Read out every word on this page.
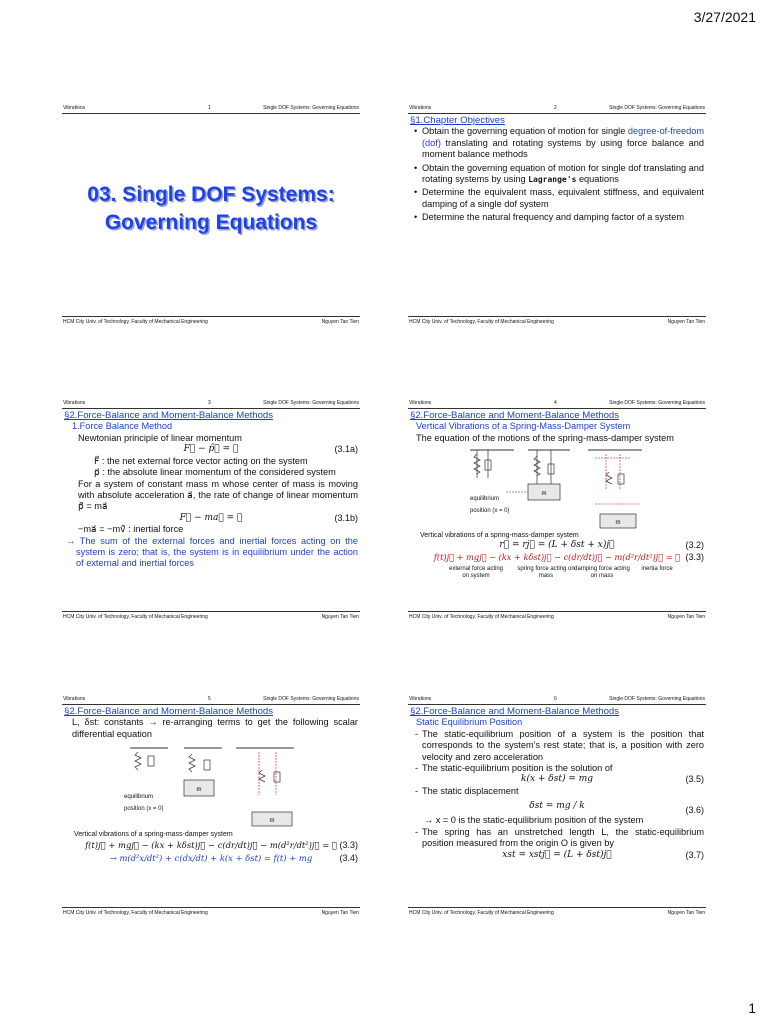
3/27/2021
Vibrations	1	Single DOF Systems: Governing Equations
03. Single DOF Systems:
Governing Equations
HCM City Univ. of Technology, Faculty of Mechanical Engineering	Nguyen Tan Tien
Vibrations	2	Single DOF Systems: Governing Equations
§1.Chapter Objectives
• Obtain the governing equation of motion for single degree-of-freedom (dof) translating and rotating systems by using force balance and moment balance methods
• Obtain the governing equation of motion for single dof translating and rotating systems by using Lagrange's equations
• Determine the equivalent mass, equivalent stiffness, and equivalent damping of a single dof system
• Determine the natural frequency and damping factor of a system
HCM City Univ. of Technology, Faculty of Mechanical Engineering	Nguyen Tan Tien
Vibrations	3	Single DOF Systems: Governing Equations
§2.Force-Balance and Moment-Balance Methods
1.Force Balance Method
Newtonian principle of linear momentum
F⃗ − p̂⃗ = 𝟎	(3.1a)
F⃗ : the net external force vector acting on the system
p⃗ : the absolute linear momentum of the considered system
For a system of constant mass m whose center of mass is moving with absolute acceleration a⃗, the rate of change of linear momentum p̂⃗ = ma⃗
F⃗ − ma⃗ = 𝟎	(3.1b)
−ma⃗ = −mv̂⃗ : inertial force
→ The sum of the external forces and inertial forces acting on the system is zero; that is, the system is in equilibrium under the action of external and inertial forces
HCM City Univ. of Technology, Faculty of Mechanical Engineering	Nguyen Tan Tien
Vibrations	4	Single DOF Systems: Governing Equations
§2.Force-Balance and Moment-Balance Methods
Vertical Vibrations of a Spring-Mass-Damper System
The equation of the motions of the spring-mass-damper system
m
m
equilibrium position (x = 0)
Vertical vibrations of a spring-mass-damper system
r⃗ = rj⃗ = (L + δst + x)j⃗	(3.2)
f(t)j⃗ + mgj⃗ − (kx + kδst)j⃗ − c(dr/dt)j⃗ − m(d²r/dt²)j⃗ = 𝟎 (3.3)
external force acting on system
spring force acting on mass
damping force acting on mass
inertia force
HCM City Univ. of Technology, Faculty of Mechanical Engineering	Nguyen Tan Tien
Vibrations	5	Single DOF Systems: Governing Equations
§2.Force-Balance and Moment-Balance Methods
L, δst: constants → re-arranging terms to get the following scalar differential equation
m
m
equilibrium position (x = 0)
Vertical vibrations of a spring-mass-damper system
f(t)j⃗ + mgj⃗ − (kx + kδst)j⃗ − c(dr/dt)j⃗ − m(d²r/dt²)j⃗ = 𝟎 (3.3)
→ m(d²x/dt²) + c(dx/dt) + k(x + δst) = f(t) + mg	(3.4)
HCM City Univ. of Technology, Faculty of Mechanical Engineering	Nguyen Tan Tien
Vibrations	6	Single DOF Systems: Governing Equations
§2.Force-Balance and Moment-Balance Methods
Static Equilibrium Position
- The static-equilibrium position of a system is the position that corresponds to the system's rest state; that is, a position with zero velocity and zero acceleration
- The static-equilibrium position is the solution of
k(x + δst) = mg	(3.5)
- The static displacement
δst = mg / k	(3.6)
→ x = 0 is the static-equilibrium position of the system
- The spring has an unstretched length L, the static-equilibrium position measured from the origin O is given by
xst = xstj⃗ = (L + δst)j⃗	(3.7)
HCM City Univ. of Technology, Faculty of Mechanical Engineering	Nguyen Tan Tien
1
